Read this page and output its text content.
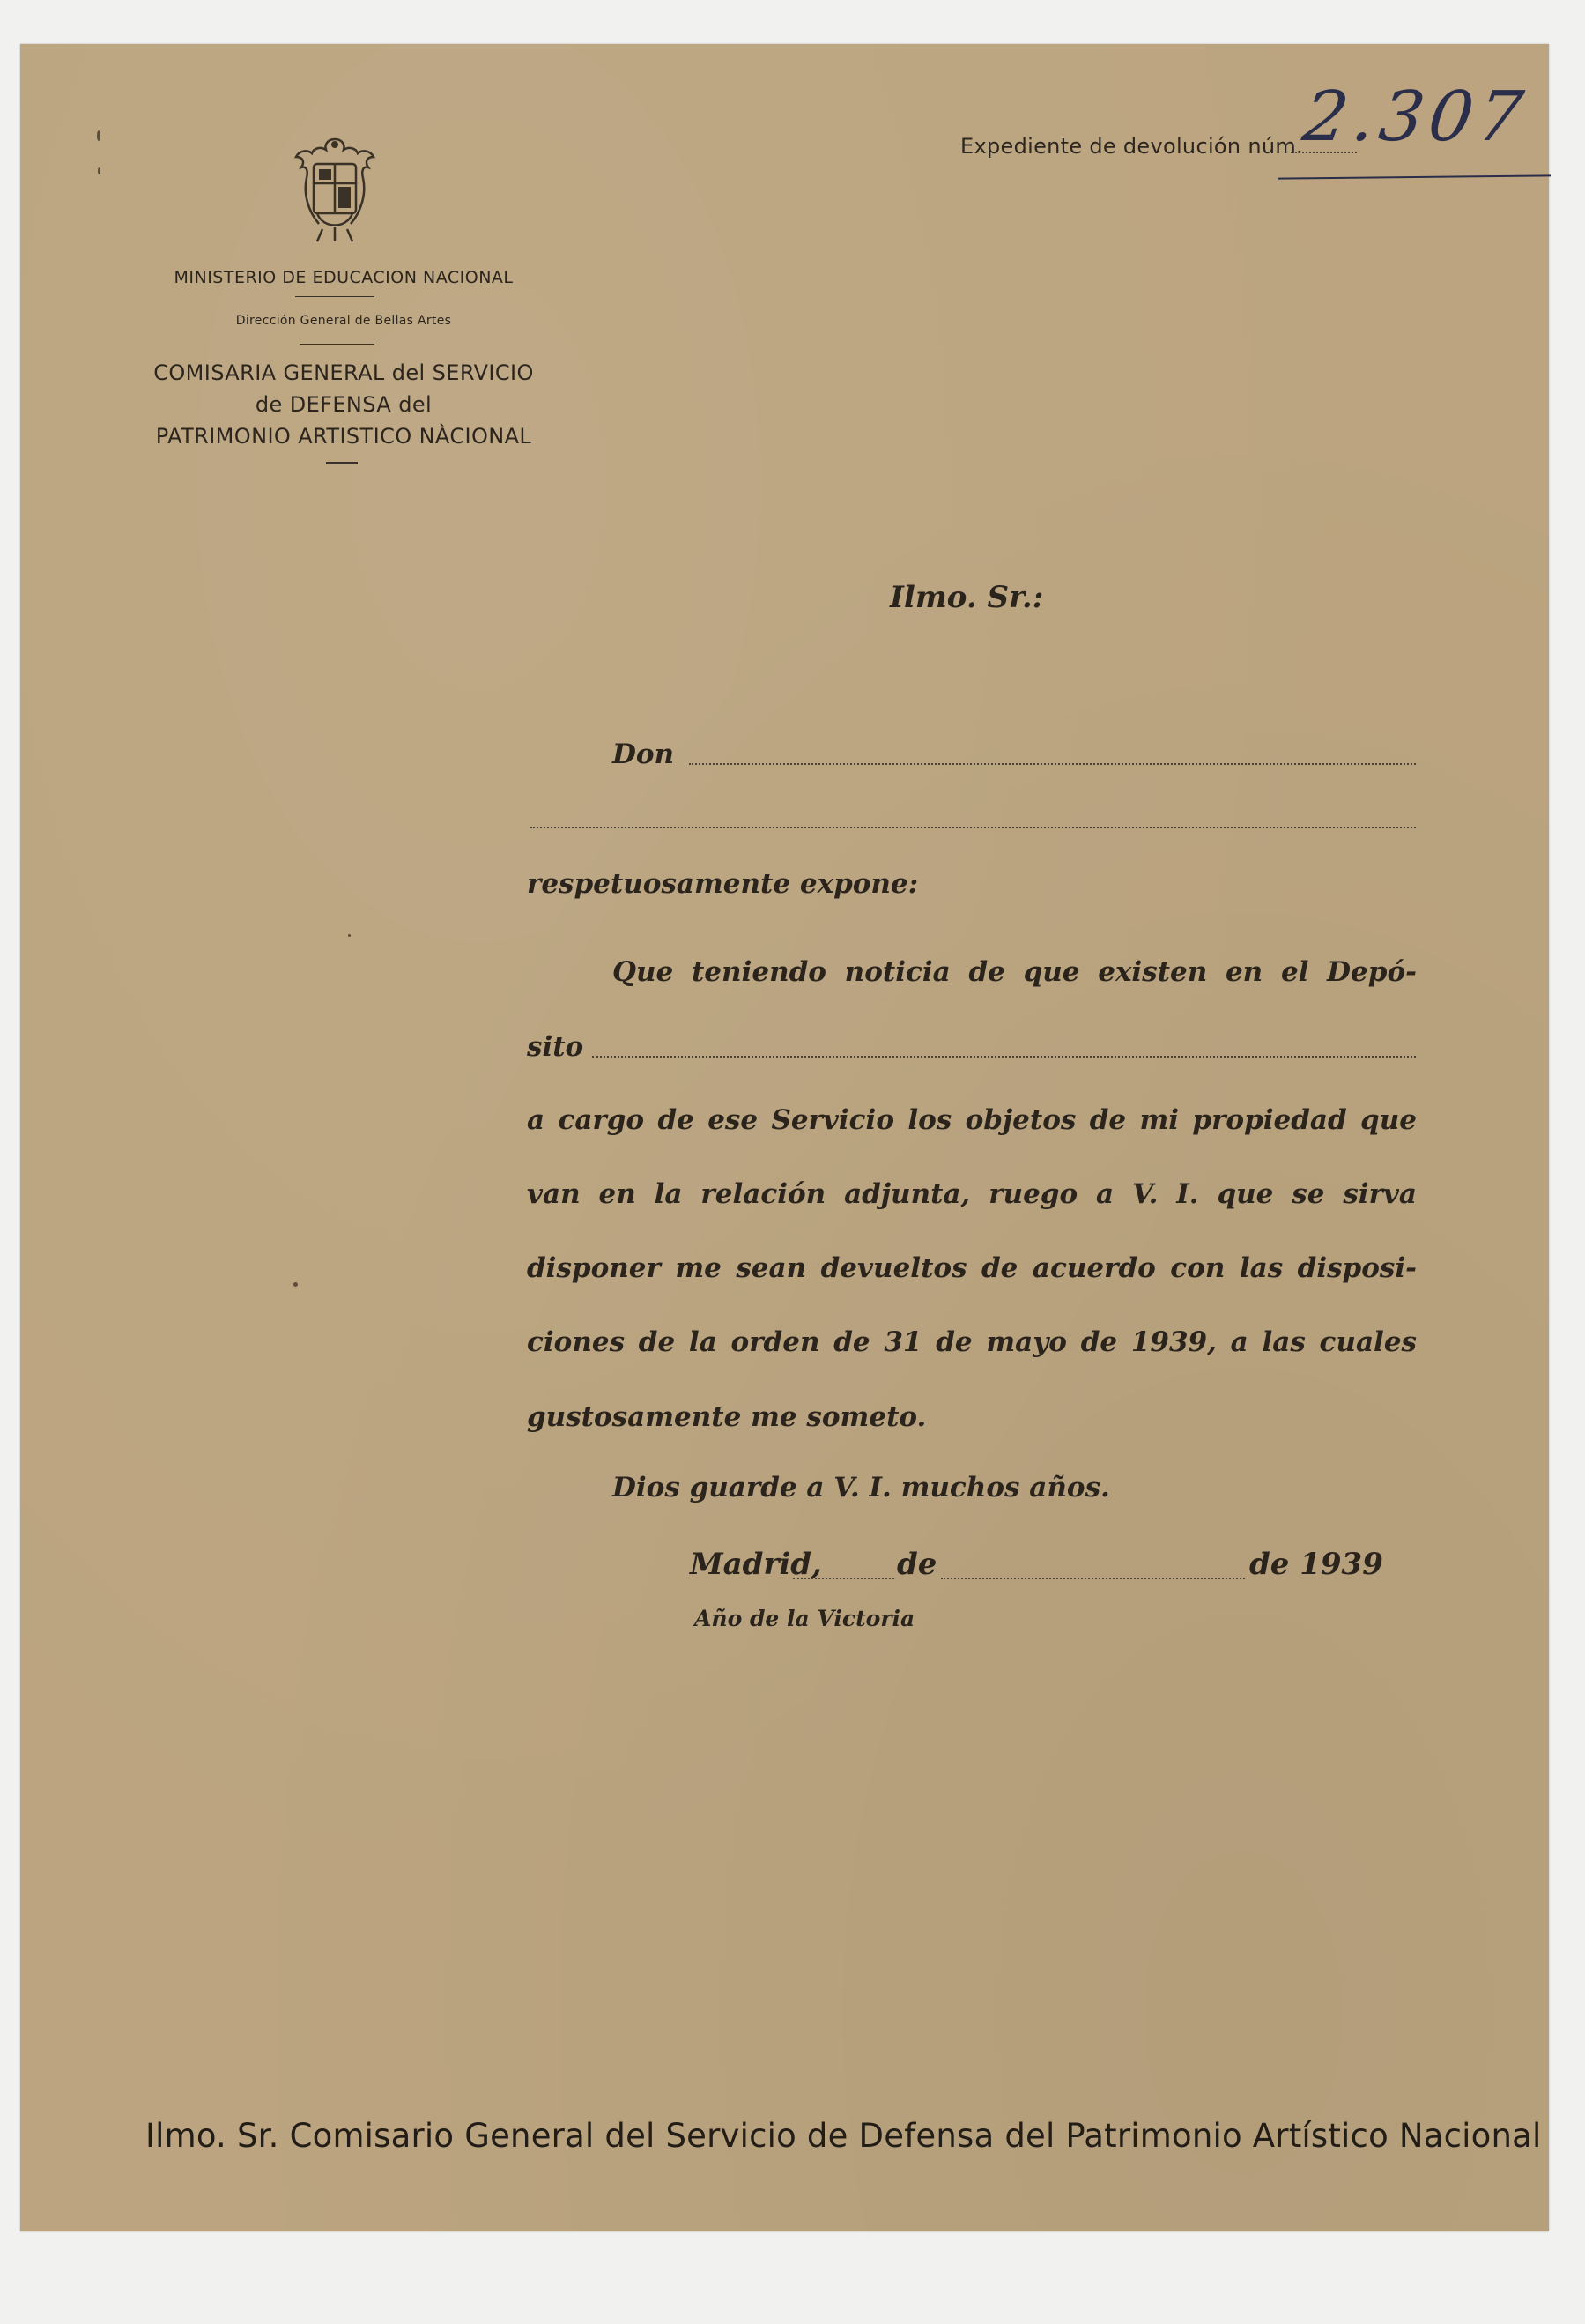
MINISTERIO DE EDUCACION NACIONAL
Dirección General de Bellas Artes
COMISARIA GENERAL del SERVICIO
de DEFENSA del
PATRIMONIO ARTISTICO NÀCIONAL
Expediente de devolución núm.
2.307
Ilmo. Sr.:
Don
respetuosamente expone:
Que teniendo noticia de que existen en el Depó-
sito
a cargo de ese Servicio los objetos de mi propiedad que
van en la relación adjunta, ruego a V. I. que se sirva
disponer me sean devueltos de acuerdo con las disposi-
ciones de la orden de 31 de mayo de 1939, a las cuales
gustosamente me someto.
Dios guarde a V. I. muchos años.
Madrid,	de	de 1939
Año de la Victoria
Ilmo. Sr. Comisario General del Servicio de Defensa del Patrimonio Artístico Nacional
